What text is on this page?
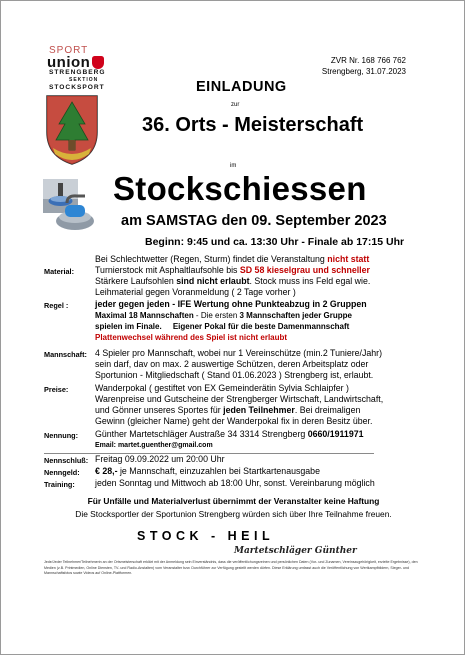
SPORT
union
STRENGBERG
SEKTION
STOCKSPORT
ZVR Nr. 168 766 762
Strengberg, 31.07.2023
EINLADUNG
zur
36. Orts - Meisterschaft
im
Stockschiessen
am SAMSTAG den 09. September 2023
Beginn: 9:45 und ca. 13:30 Uhr - Finale ab 17:15 Uhr
Bei Schlechtwetter (Regen, Sturm) findet die Veranstaltung nicht statt
Material: Turnierstock mit Asphaltlaufsohle bis SD 58 kieselgrau und schneller
Stärkere Laufsohlen sind nicht erlaubt. Stock muss ins Feld egal wie.
Leihmaterial gegen Voranmeldung ( 2 Tage vorher )
Regel :	jeder gegen jeden - IFE Wertung ohne Punkteabzug in 2 Gruppen
Maximal 18 Mannschaften - Die ersten 3 Mannschaften jeder Gruppe
spielen im Finale. Eigener Pokal für die beste Damenmannschaft
Plattenwechsel während des Spiel ist nicht erlaubt
Mannschaft: 4 Spieler pro Mannschaft, wobei nur 1 Vereinschütze (min.2 Tuniere/Jahr)
sein darf, dav on max. 2 auswertige Schützen, deren Arbeitsplatz oder
Sportunion - Mitgliedschaft ( Stand 01.06.2023 ) Strengberg ist, erlaubt.
Preise:	Wanderpokal ( gestiftet von EX Gemeinderätin Sylvia Schlaipfer )
Warenpreise und Gutscheine der Strengberger Wirtschaft, Landwirtschaft,
und Gönner unseres Sportes für jeden Teilnehmer. Bei dreimaligen
Gewinn (gleicher Name) geht der Wanderpokal fix in deren Besitz über.
Nennung: Günther Martetschläger Austraße 34 3314 Strengberg 0660/1911971
Email: martet.guenther@gmail.com
Nennschluß: Freitag 09.09.2022 um 20:00 Uhr
Nenngeld: € 28,- je Mannschaft, einzuzahlen bei Startkartenausgabe
Training: jeden Sonntag und Mittwoch ab 18:00 Uhr, sonst. Vereinbarung möglich
Für Unfälle und Materialverlust übernimmt der Veranstalter keine Haftung
Die Stocksportler der Sportunion Strengberg würden sich über Ihre Teilnahme freuen.
STOCK - HEIL
Martetschläger Günther
Jede/Jeder Teilnehmer/Teilnehmerin an der Ortsmeisterschaft erklärt mit der Anmeldung sein Einverständnis, dass die veröffentlichungsreinen und persönlichen Daten (Vor- und Zunamen, Vereinszugehörigkeit, erzielte Ergebnisse), den Medien (z.B. Printmedien, Online Diensten, TV- und Radio-Anstalten) vom Veranstalter bzw. Durchführer zur Verfügung gestellt werden dürfen. Diese Erklärung umfasst auch die Veröffentlichung von Wertkampfbildern, Sieger- und Mannschaftsfotos sowie Videos auf Online-Plattformen.
